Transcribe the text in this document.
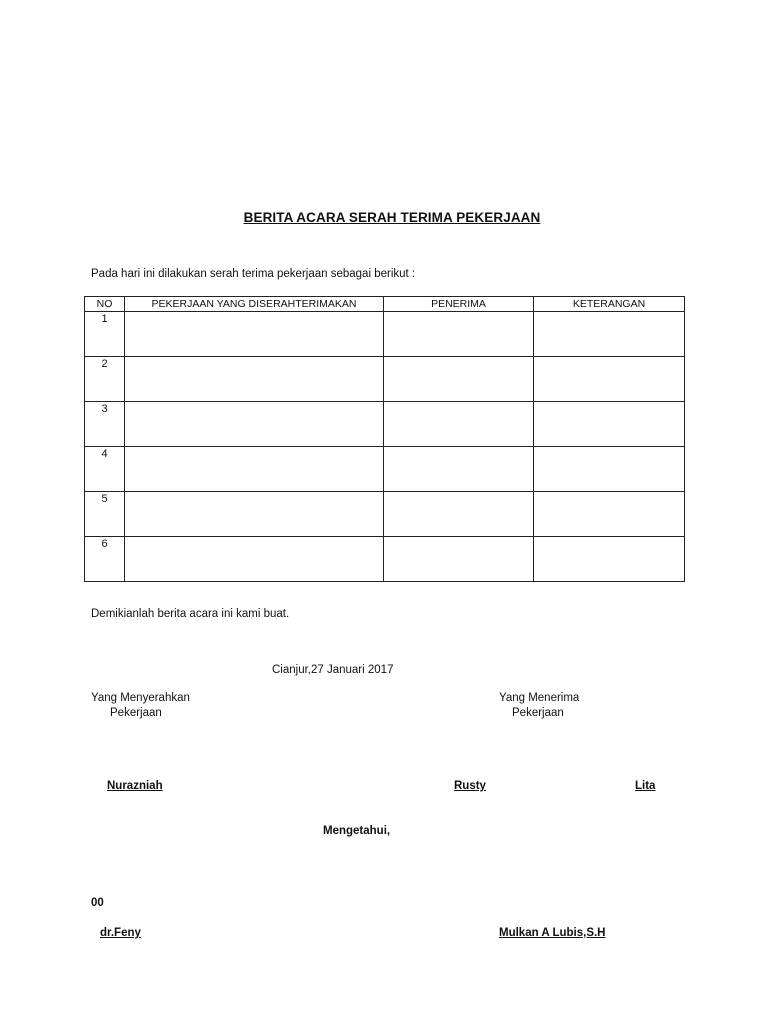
BERITA ACARA SERAH TERIMA PEKERJAAN
Pada hari ini dilakukan serah terima pekerjaan sebagai berikut :
NO	PEKERJAAN YANG DISERAHTERIMAKAN	PENERIMA	KETERANGAN
1			
2			
3			
4			
5			
6			
Demikianlah berita acara ini kami buat.
Cianjur,27 Januari 2017
Yang Menyerahkan
Pekerjaan
Yang Menerima
Pekerjaan
Nurazniah	Rusty	Lita
Mengetahui,
00
dr.Feny	Mulkan A Lubis,S.H
